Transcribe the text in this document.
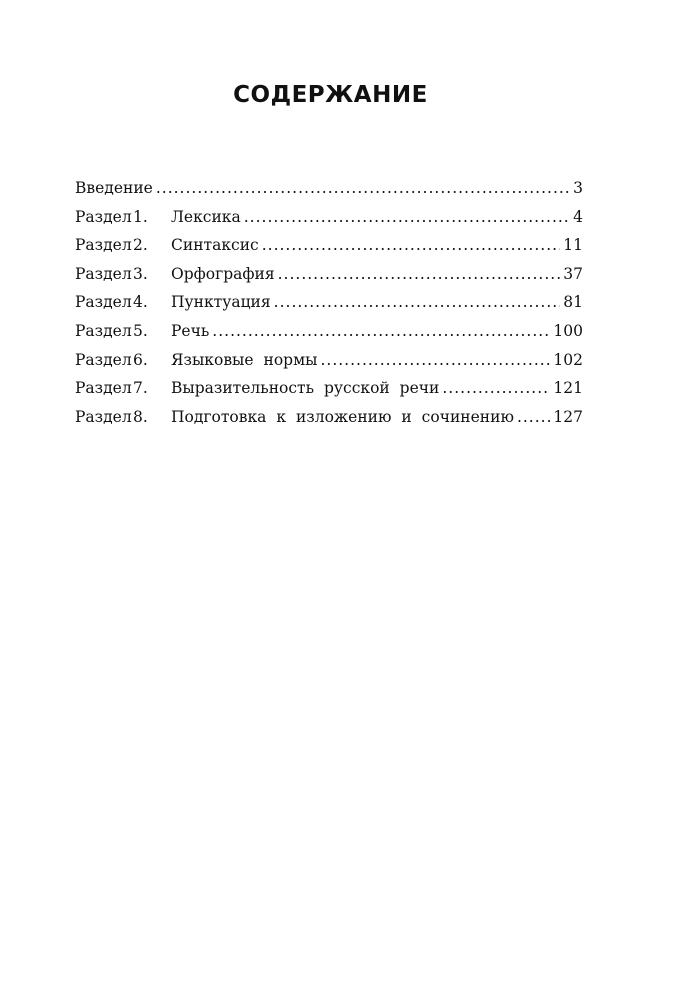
СОДЕРЖАНИЕ
Введение .....	3
Раздел 1.	Лексика .....	4
Раздел 2.	Синтаксис .....	11
Раздел 3.	Орфография .....	37
Раздел 4.	Пунктуация .....	81
Раздел 5.	Речь .....	100
Раздел 6.	Языковые нормы .....	102
Раздел 7.	Выразительность русской речи .....	121
Раздел 8.	Подготовка к изложению и сочинению .....	127
